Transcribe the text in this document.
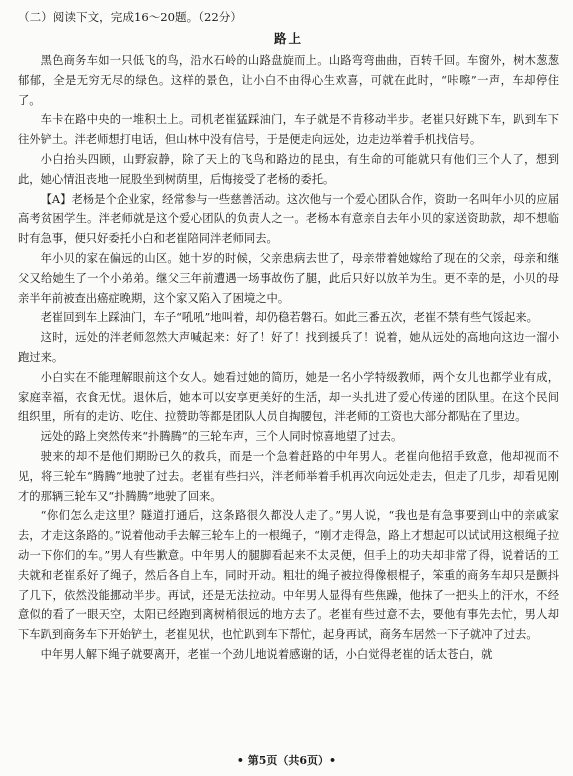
（二）阅读下文，完成16～20题。（22分）
路上

黑色商务车如一只低飞的鸟，沿水石岭的山路盘旋而上。山路弯弯曲曲，百转千回。车窗外，树木葱葱郁郁，全是无穷无尽的绿色。这样的景色，让小白不由得心生欢喜，可就在此时，“咔嚓”一声，车却停住了。

车卡在路中央的一堆积土上。司机老崔猛踩油门，车子就是不肯移动半步。老崔只好跳下车，趴到车下往外铲土。泮老师想打电话，但山林中没有信号，于是便走向远处，边走边举着手机找信号。

小白抬头四顾，山野寂静，除了天上的飞鸟和路边的昆虫，有生命的可能就只有他们三个人了，想到此，她心情沮丧地一屁股坐到树荫里，后悔接受了老杨的委托。

【A】老杨是个企业家，经常参与一些慈善活动。这次他与一个爱心团队合作，资助一名叫年小贝的应届高考贫困学生。泮老师就是这个爱心团队的负责人之一。老杨本有意亲自去年小贝的家送资助款，却不想临时有急事，便只好委托小白和老崔陪同泮老师同去。

年小贝的家在偏远的山区。她十岁的时候，父亲患病去世了，母亲带着她嫁给了现在的父亲，母亲和继父又给她生了一个小弟弟。继父三年前遭遇一场事故伤了腿，此后只好以放羊为生。更不幸的是，小贝的母亲半年前被查出癌症晚期，这个家又陷入了困境之中。

老崔回到车上踩油门，车子“吼吼”地叫着，却仍稳若磐石。如此三番五次，老崔不禁有些气馁起来。

这时，远处的泮老师忽然大声喊起来：好了！好了！找到援兵了！说着，她从远处的高地向这边一溜小跑过来。

小白实在不能理解眼前这个女人。她看过她的简历，她是一名小学特级教师，两个女儿也都学业有成，家庭幸福，衣食无忧。退休后，她本可以安享更美好的生活，却一头扎进了爱心传递的团队里。在这个民间组织里，所有的走访、吃住、拉赞助等都是团队人员自掏腰包，泮老师的工资也大部分都贴在了里边。

远处的路上突然传来“扑腾腾”的三轮车声，三个人同时惊喜地望了过去。

驶来的却不是他们期盼已久的救兵，而是一个急着赶路的中年男人。老崔向他招手致意，他却视而不见，将三轮车“腾腾”地驶了过去。老崔有些扫兴，泮老师举着手机再次向远处走去，但走了几步，却看见刚才的那辆三轮车又“扑腾腾”地驶了回来。

“你们怎么走这里？隧道打通后，这条路很久都没人走了。”男人说，“我也是有急事要到山中的亲戚家去，才走这条路的。”说着他动手去解三轮车上的一根绳子，“刚才走得急，路上才想起可以试试用这根绳子拉动一下你们的车。”男人有些歉意。中年男人的腿脚看起来不太灵便，但手上的功夫却非常了得，说着话的工夫就和老崔系好了绳子，然后各自上车，同时开动。粗壮的绳子被拉得像根棍子，笨重的商务车却只是颤抖了几下，依然没能挪动半步。再试，还是无法拉动。中年男人显得有些焦躁，他抹了一把头上的汗水，不经意似的看了一眼天空，太阳已经跑到离树梢很远的地方去了。老崔有些过意不去，要他有事先去忙，男人却下车趴到商务车下开始铲土，老崔见状，也忙趴到车下帮忙，起身再试，商务车居然一下子就冲了过去。

中年男人解下绳子就要离开，老崔一个劲儿地说着感谢的话，小白觉得老崔的话太苍白，就

• 第5页（共6页）•
